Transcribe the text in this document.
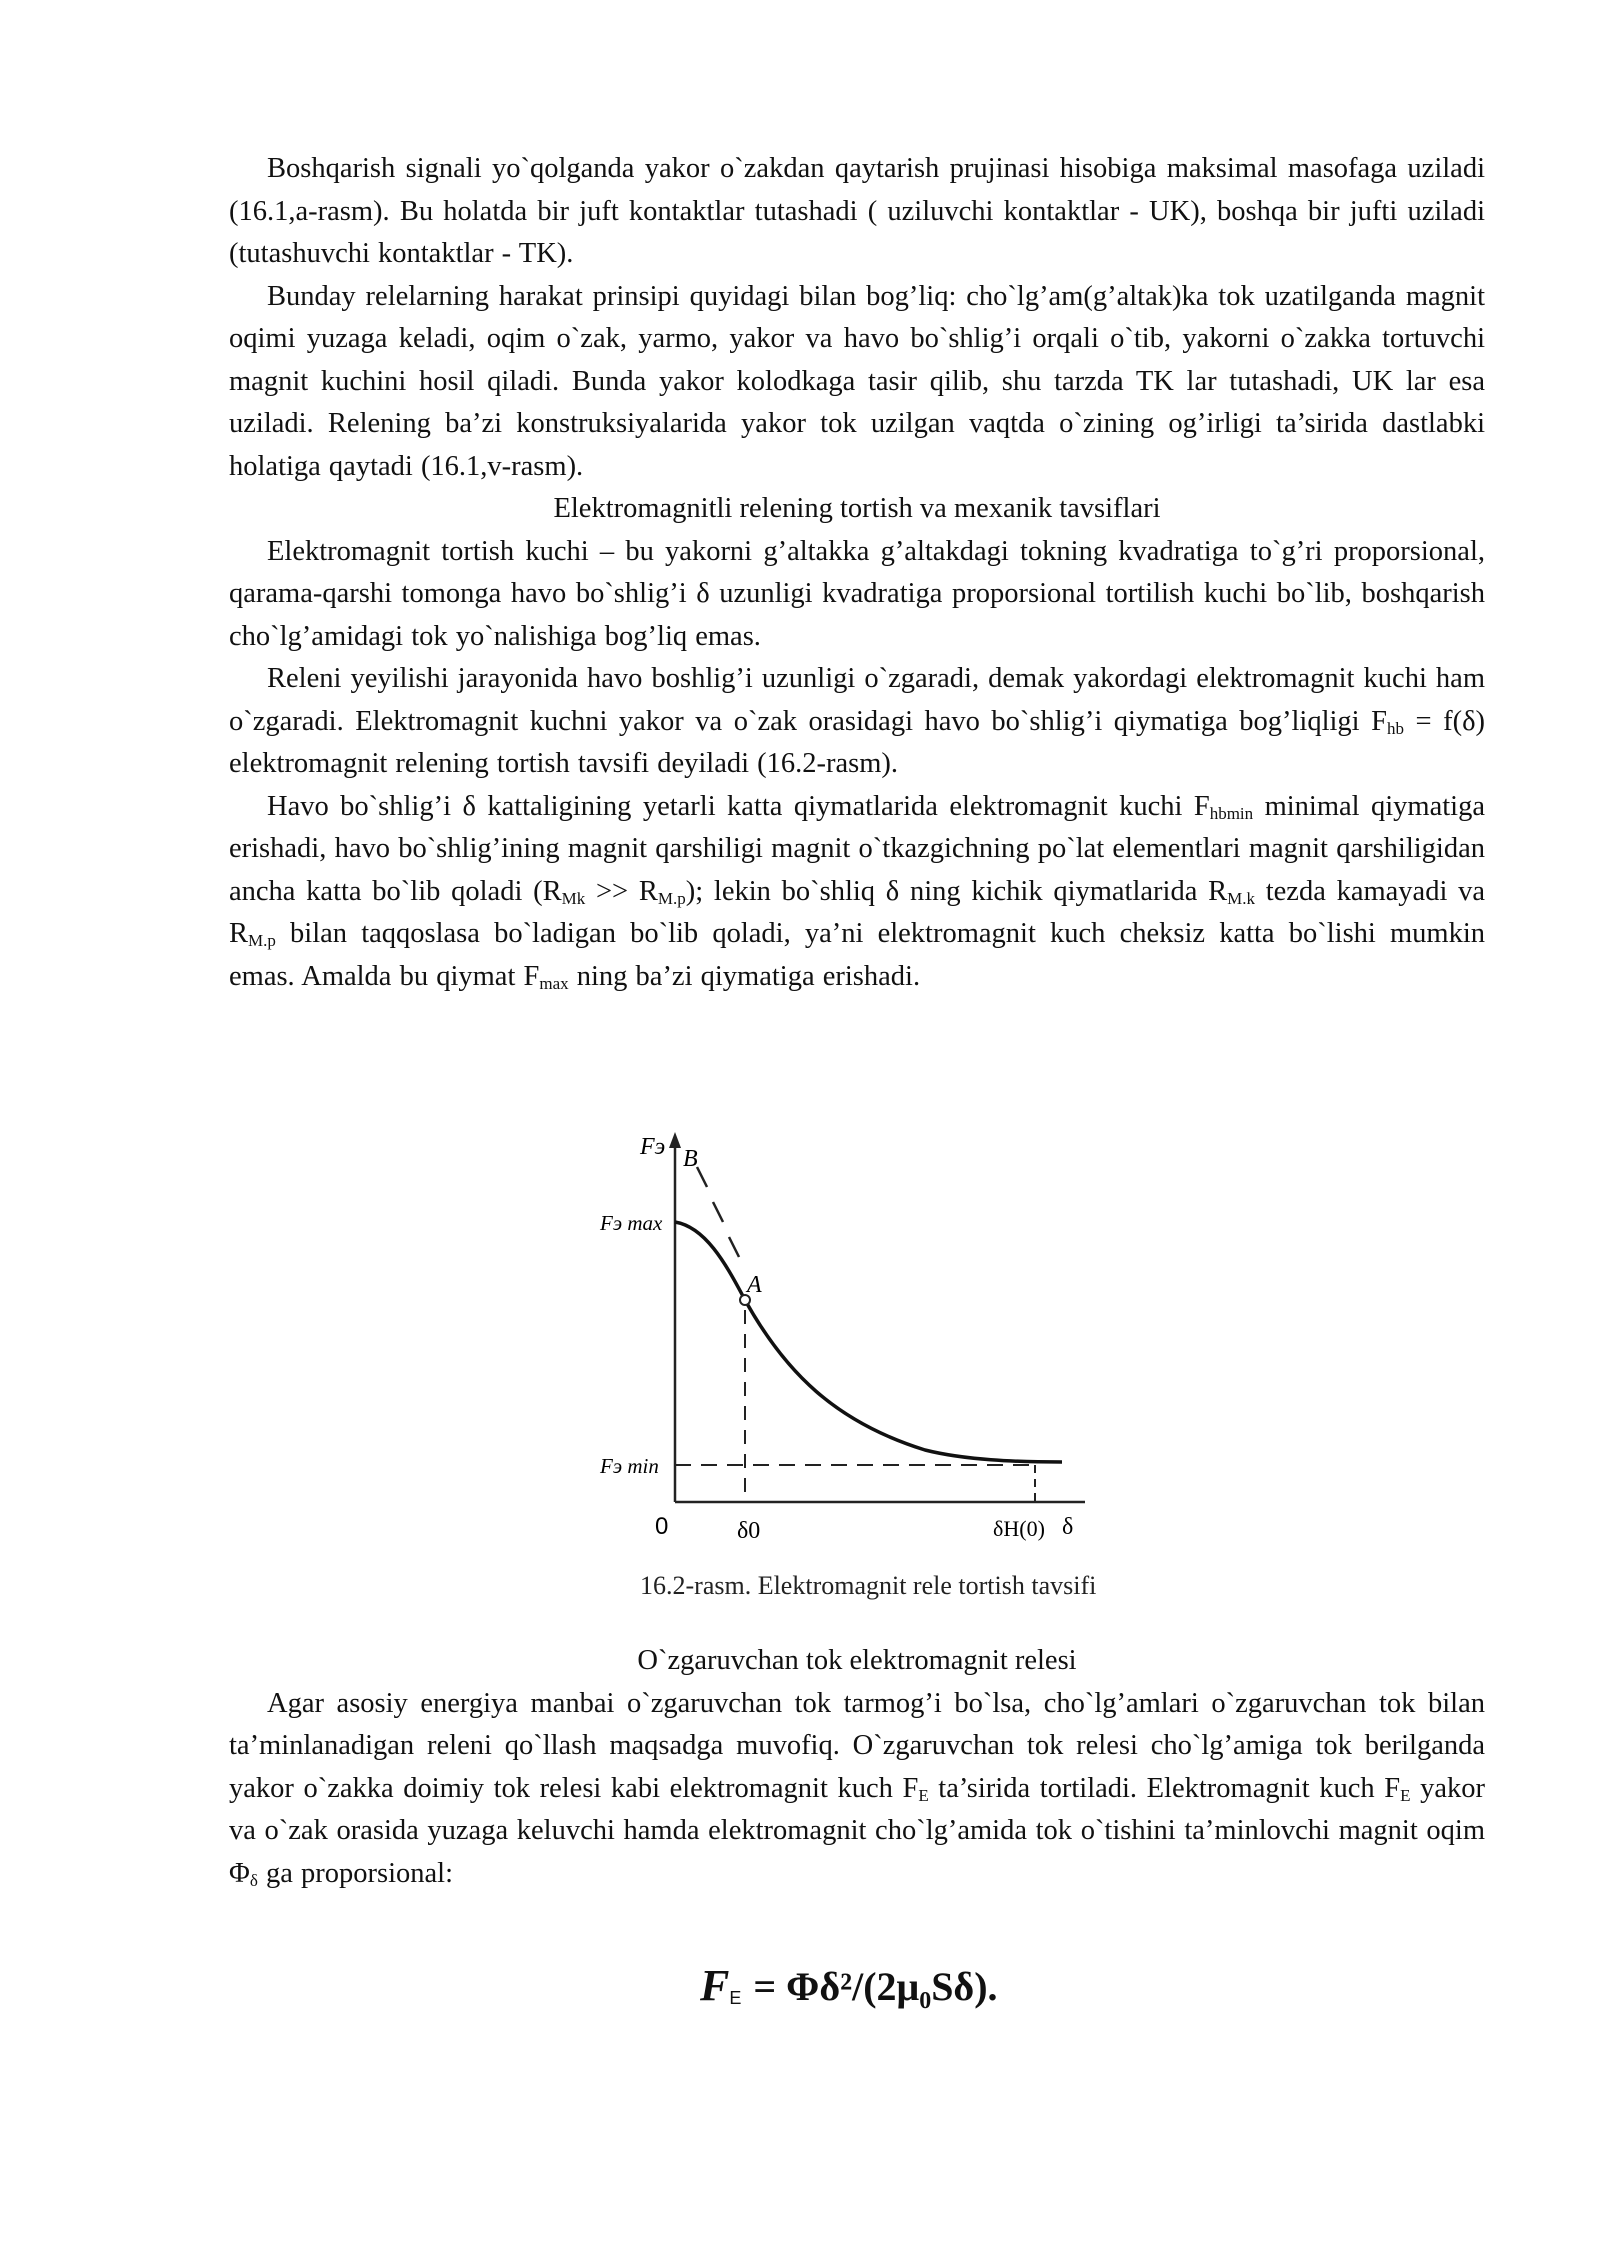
Boshqarish signali yo`qolganda yakor o`zakdan qaytarish prujinasi hisobiga maksimal masofaga uziladi (16.1,a-rasm). Bu holatda bir juft kontaktlar tutashadi ( uziluvchi kontaktlar - UK), boshqa bir jufti uziladi (tutashuvchi kontaktlar - TK).

Bunday relelarning harakat prinsipi quyidagi bilan bog’liq: cho`lg’am(g’altak)ka tok uzatilganda magnit oqimi yuzaga keladi, oqim o`zak, yarmo, yakor va havo bo`shlig’i orqali o`tib, yakorni o`zakka tortuvchi magnit kuchini hosil qiladi. Bunda yakor kolodkaga tasir qilib, shu tarzda TK lar tutashadi, UK lar esa uziladi. Relening ba’zi konstruksiyalarida yakor tok uzilgan vaqtda o`zining og’irligi ta’sirida dastlabki holatiga qaytadi (16.1,v-rasm).

Elektromagnitli relening tortish va mexanik tavsiflari

Elektromagnit tortish kuchi – bu yakorni g’altakka g’altakdagi tokning kvadratiga to`g’ri proporsional, qarama-qarshi tomonga havo bo`shlig’i δ uzunligi kvadratiga proporsional tortilish kuchi bo`lib, boshqarish cho`lg’amidagi tok yo`nalishiga bog’liq emas.

Releni yeyilishi jarayonida havo boshlig’i uzunligi o`zgaradi, demak yakordagi elektromagnit kuchi ham o`zgaradi. Elektromagnit kuchni yakor va o`zak orasidagi havo bo`shlig’i qiymatiga bog’liqligi $F_{hb} = f(\delta)$ elektromagnit relening tortish tavsifi deyiladi (16.2-rasm).

Havo bo`shlig’i δ kattaligining yetarli katta qiymatlarida elektromagnit kuchi $F_{hbmin}$ minimal qiymatiga erishadi, havo bo`shlig’ining magnit qarshiligi magnit o`tkazgichning po`lat elementlari magnit qarshiligidan ancha katta bo`lib qoladi $(R_{Mk} >> R_{M.p})$; lekin bo`shliq δ ning kichik qiymatlarida $R_{M.k}$ tezda kamayadi va $R_{M.p}$ bilan taqqoslasa bo`ladigan bo`lib qoladi, ya’ni elektromagnit kuch cheksiz katta bo`lishi mumkin emas. Amalda bu qiymat $F_{max}$ ning ba’zi qiymatiga erishadi.

Fэ B
A
Fэ max
Fэ min
0	δ0	δH(0) δ
16.2-rasm. Elektromagnit rele tortish tavsifi

O`zgaruvchan tok elektromagnit relesi

Agar asosiy energiya manbai o`zgaruvchan tok tarmog’i bo`lsa, cho`lg’amlari o`zgaruvchan tok bilan ta’minlanadigan releni qo`llash maqsadga muvofiq. O`zgaruvchan tok relesi cho`lg’amiga tok berilganda yakor o`zakka doimiy tok relesi kabi elektromagnit kuch $F_E$ ta’sirida tortiladi. Elektromagnit kuch $F_E$ yakor va o`zak orasida yuzaga keluvchi hamda elektromagnit cho`lg’amida tok o`tishini ta’minlovchi magnit oqim $\Phi_\delta$ ga proporsional:

$F_E = \Phi\delta^2/(2\mu_0S\delta)$.
